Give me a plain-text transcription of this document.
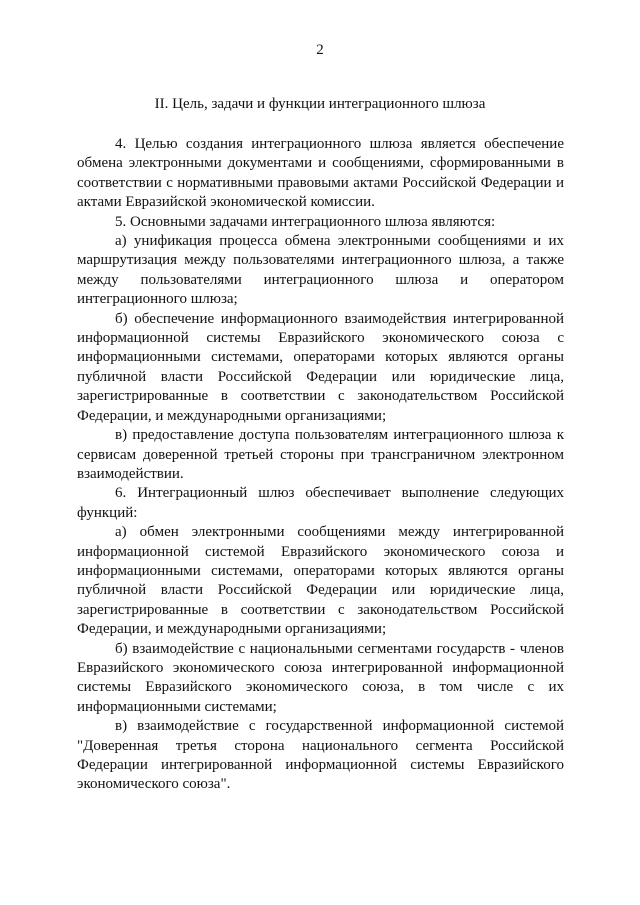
2
II. Цель, задачи и функции интеграционного шлюза

4. Целью создания интеграционного шлюза является обеспечение обмена электронными документами и сообщениями, сформированными в соответствии с нормативными правовыми актами Российской Федерации и актами Евразийской экономической комиссии.

5. Основными задачами интеграционного шлюза являются:

а) унификация процесса обмена электронными сообщениями и их маршрутизация между пользователями интеграционного шлюза, а также между пользователями интеграционного шлюза и оператором интеграционного шлюза;

б) обеспечение информационного взаимодействия интегрированной информационной системы Евразийского экономического союза с информационными системами, операторами которых являются органы публичной власти Российской Федерации или юридические лица, зарегистрированные в соответствии с законодательством Российской Федерации, и международными организациями;

в) предоставление доступа пользователям интеграционного шлюза к сервисам доверенной третьей стороны при трансграничном электронном взаимодействии.

6. Интеграционный шлюз обеспечивает выполнение следующих функций:

а) обмен электронными сообщениями между интегрированной информационной системой Евразийского экономического союза и информационными системами, операторами которых являются органы публичной власти Российской Федерации или юридические лица, зарегистрированные в соответствии с законодательством Российской Федерации, и международными организациями;

б) взаимодействие с национальными сегментами государств - членов Евразийского экономического союза интегрированной информационной системы Евразийского экономического союза, в том числе с их информационными системами;

в) взаимодействие с государственной информационной системой "Доверенная третья сторона национального сегмента Российской Федерации интегрированной информационной системы Евразийского экономического союза".
